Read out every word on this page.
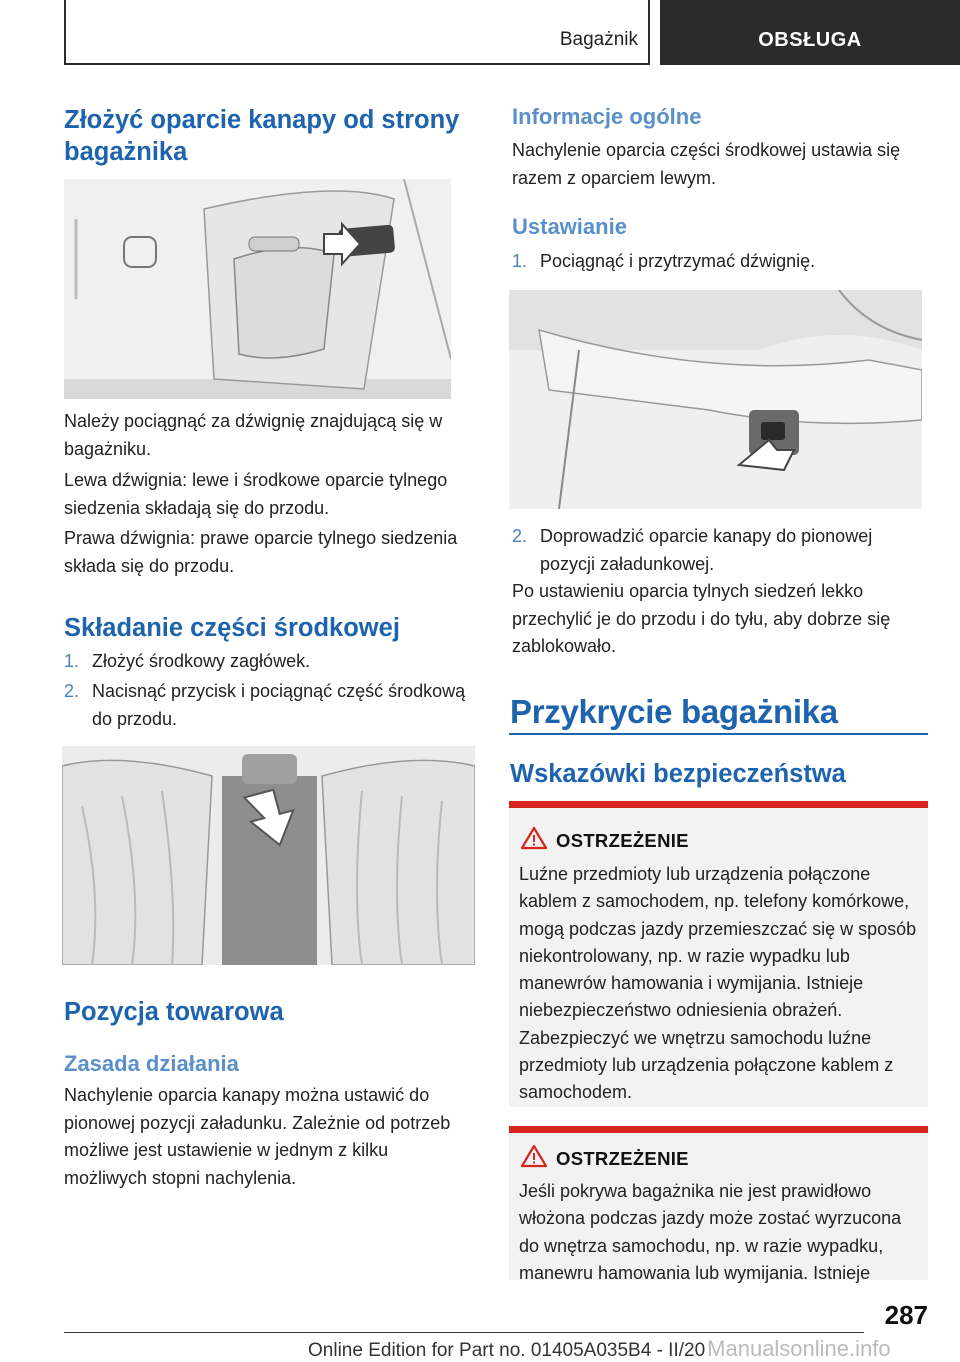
Bagażnik	OBSŁUGA
Złożyć oparcie kanapy od strony bagażnika
Należy pociągnąć za dźwignię znajdującą się w bagażniku.
Lewa dźwignia: lewe i środkowe oparcie tylnego siedzenia składają się do przodu.
Prawa dźwignia: prawe oparcie tylnego siedzenia składa się do przodu.
Składanie części środkowej
1. Złożyć środkowy zagłówek.
2. Nacisnąć przycisk i pociągnąć część środkową do przodu.
Pozycja towarowa
Zasada działania
Nachylenie oparcia kanapy można ustawić do pionowej pozycji załadunku. Zależnie od potrzeb możliwe jest ustawienie w jednym z kilku możliwych stopni nachylenia.
Informacje ogólne
Nachylenie oparcia części środkowej ustawia się razem z oparciem lewym.
Ustawianie
1. Pociągnąć i przytrzymać dźwignię.
2. Doprowadzić oparcie kanapy do pionowej pozycji załadunkowej.
Po ustawieniu oparcia tylnych siedzeń lekko przechylić je do przodu i do tyłu, aby dobrze się zablokowało.
Przykrycie bagażnika
Wskazówki bezpieczeństwa
OSTRZEŻENIE
Luźne przedmioty lub urządzenia połączone kablem z samochodem, np. telefony komórkowe, mogą podczas jazdy przemieszczać się w sposób niekontrolowany, np. w razie wypadku lub manewrów hamowania i wymijania. Istnieje niebezpieczeństwo odniesienia obrażeń. Zabezpieczyć we wnętrzu samochodu luźne przedmioty lub urządzenia połączone kablem z samochodem.
OSTRZEŻENIE
Jeśli pokrywa bagażnika nie jest prawidłowo włożona podczas jazdy może zostać wyrzucona do wnętrza samochodu, np. w razie wypadku, manewru hamowania lub wymijania. Istnieje
287
Online Edition for Part no. 01405A035B4 - II/20Manualsonline.info
